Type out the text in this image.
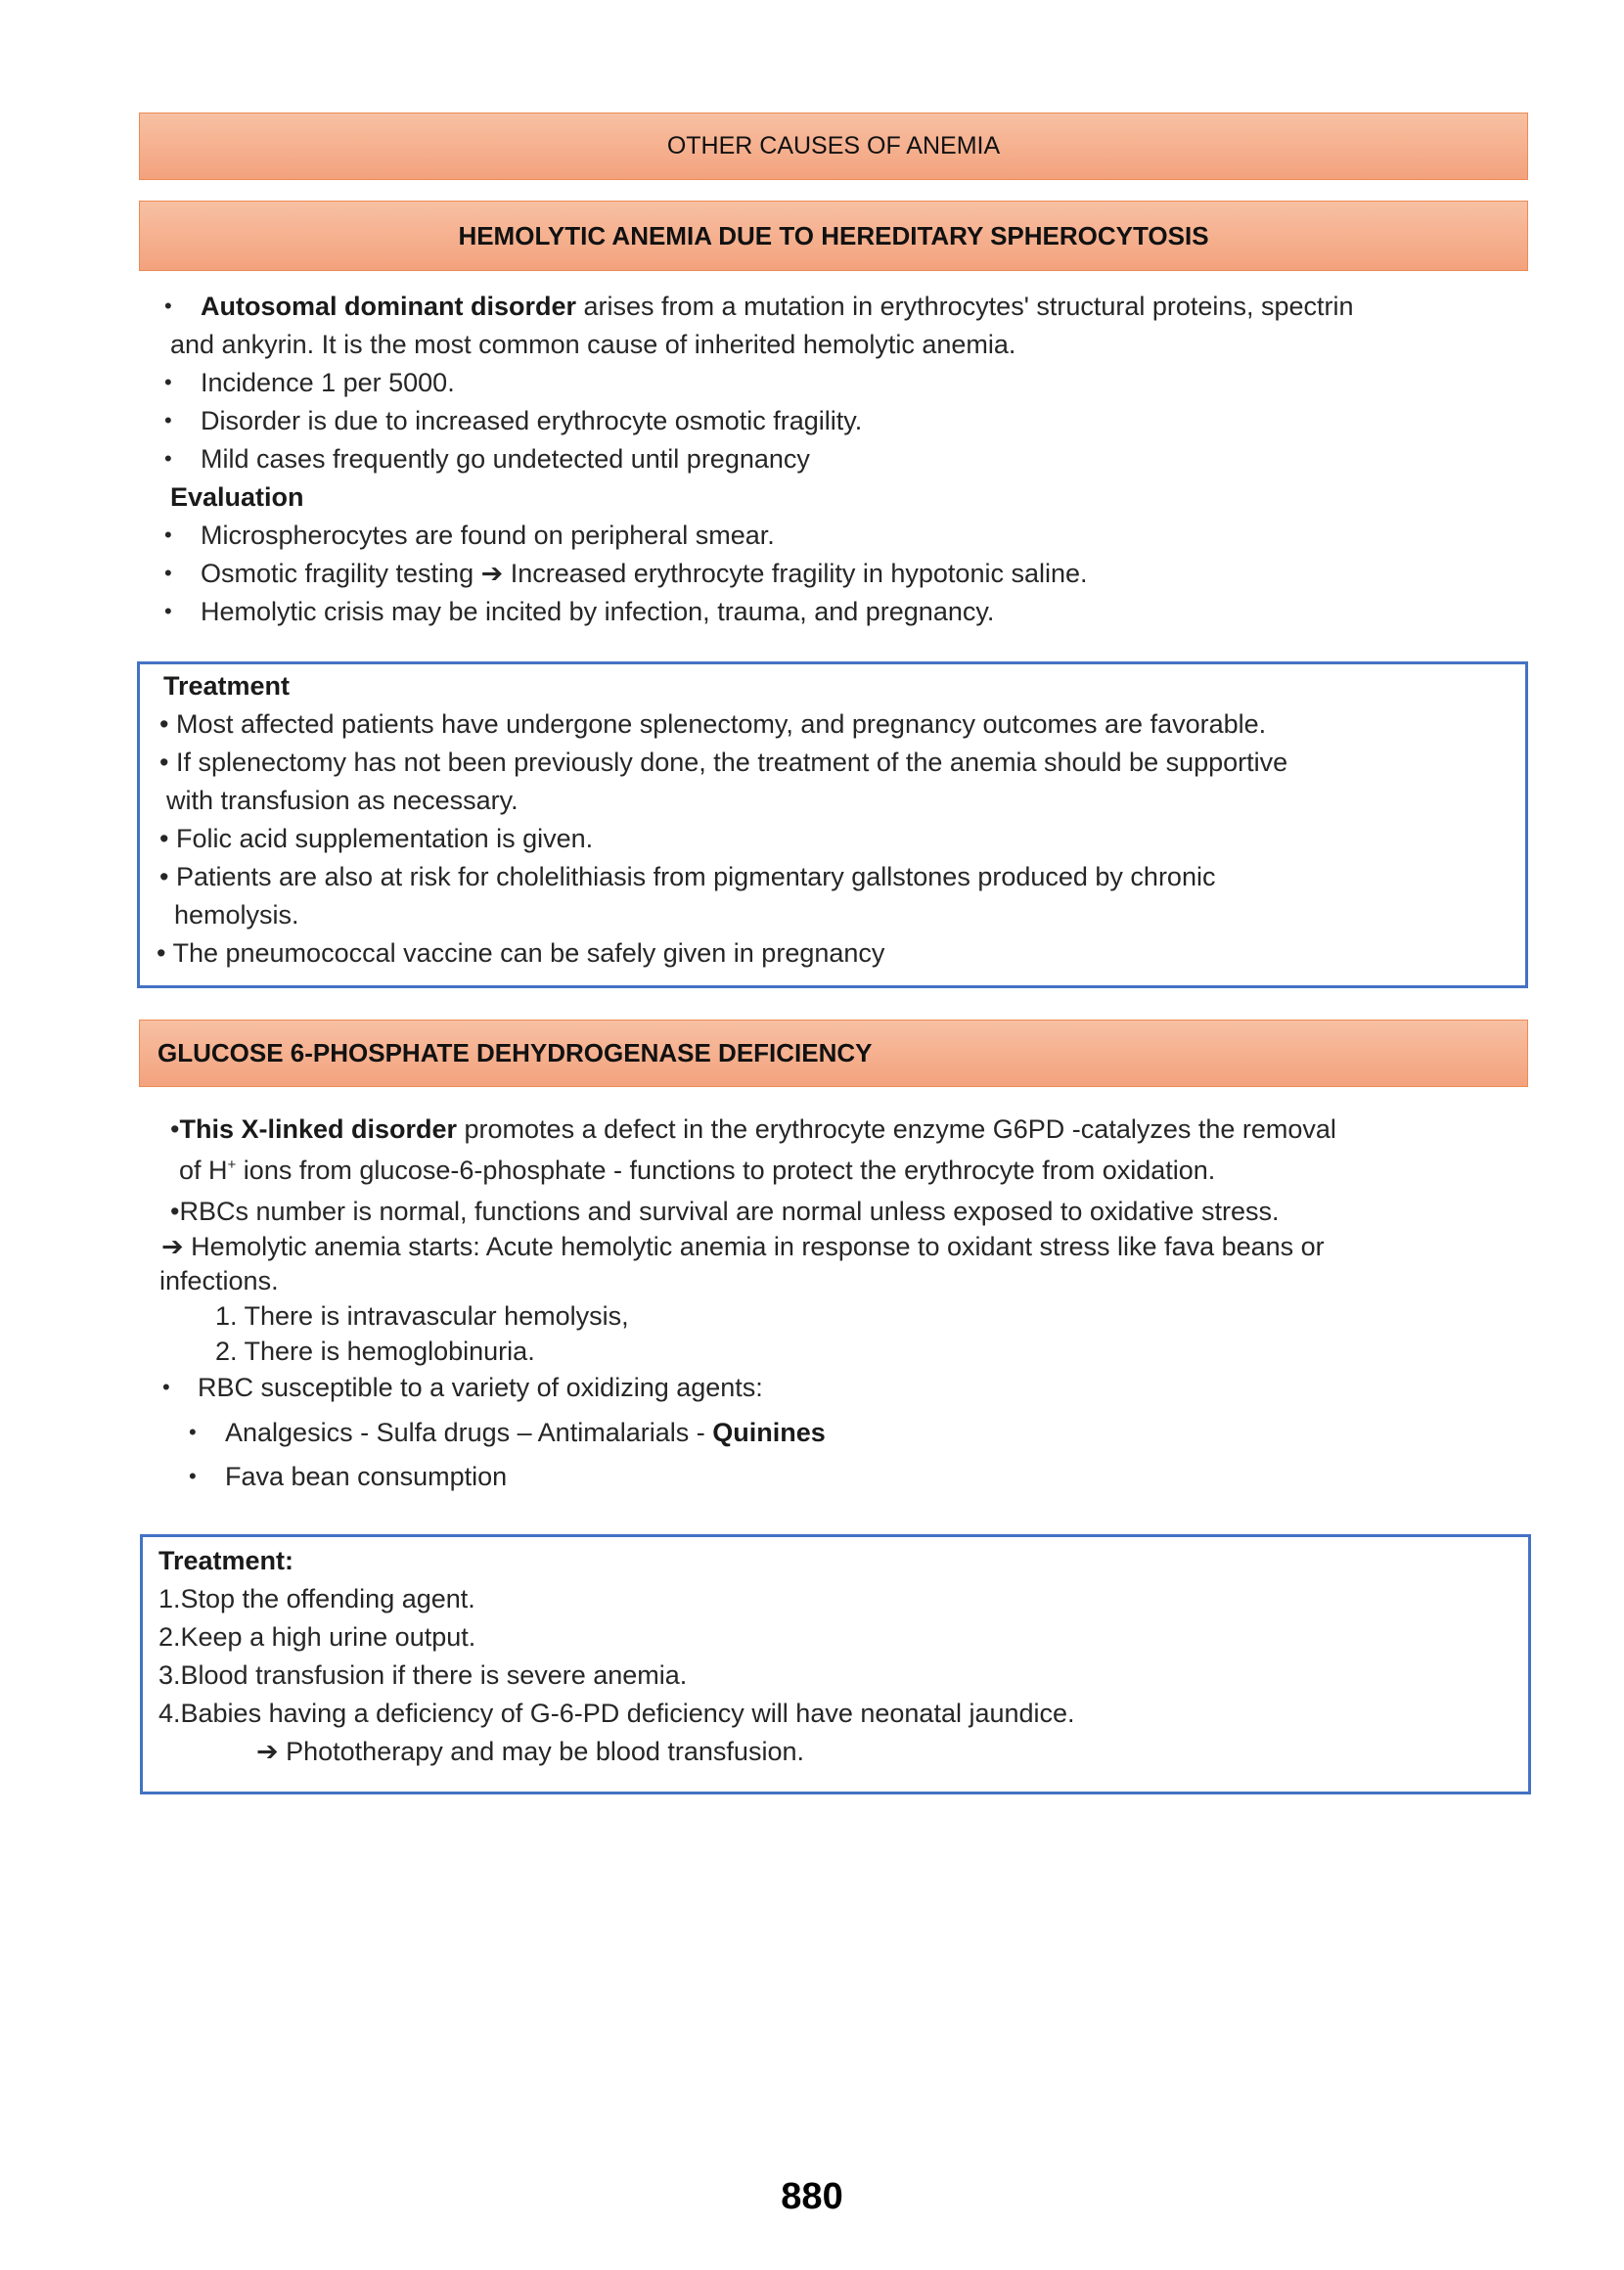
OTHER CAUSES OF ANEMIA
HEMOLYTIC ANEMIA DUE TO HEREDITARY SPHEROCYTOSIS
• Autosomal dominant disorder arises from a mutation in erythrocytes' structural proteins, spectrin
and ankyrin. It is the most common cause of inherited hemolytic anemia.
• Incidence 1 per 5000.
• Disorder is due to increased erythrocyte osmotic fragility.
• Mild cases frequently go undetected until pregnancy
Evaluation
• Microspherocytes are found on peripheral smear.
• Osmotic fragility testing ➔ Increased erythrocyte fragility in hypotonic saline.
• Hemolytic crisis may be incited by infection, trauma, and pregnancy.
Treatment
• Most affected patients have undergone splenectomy, and pregnancy outcomes are favorable.
• If splenectomy has not been previously done, the treatment of the anemia should be supportive
with transfusion as necessary.
• Folic acid supplementation is given.
• Patients are also at risk for cholelithiasis from pigmentary gallstones produced by chronic
hemolysis.
• The pneumococcal vaccine can be safely given in pregnancy
GLUCOSE 6-PHOSPHATE DEHYDROGENASE DEFICIENCY
•This X-linked disorder promotes a defect in the erythrocyte enzyme G6PD -catalyzes the removal
of H+ ions from glucose-6-phosphate - functions to protect the erythrocyte from oxidation.
•RBCs number is normal, functions and survival are normal unless exposed to oxidative stress.
➔ Hemolytic anemia starts: Acute hemolytic anemia in response to oxidant stress like fava beans or
infections.
1. There is intravascular hemolysis,
2. There is hemoglobinuria.
• RBC susceptible to a variety of oxidizing agents:
• Analgesics - Sulfa drugs – Antimalarials - Quinines
• Fava bean consumption
Treatment:
1.Stop the offending agent.
2.Keep a high urine output.
3.Blood transfusion if there is severe anemia.
4.Babies having a deficiency of G-6-PD deficiency will have neonatal jaundice.
➔ Phototherapy and may be blood transfusion.
880
